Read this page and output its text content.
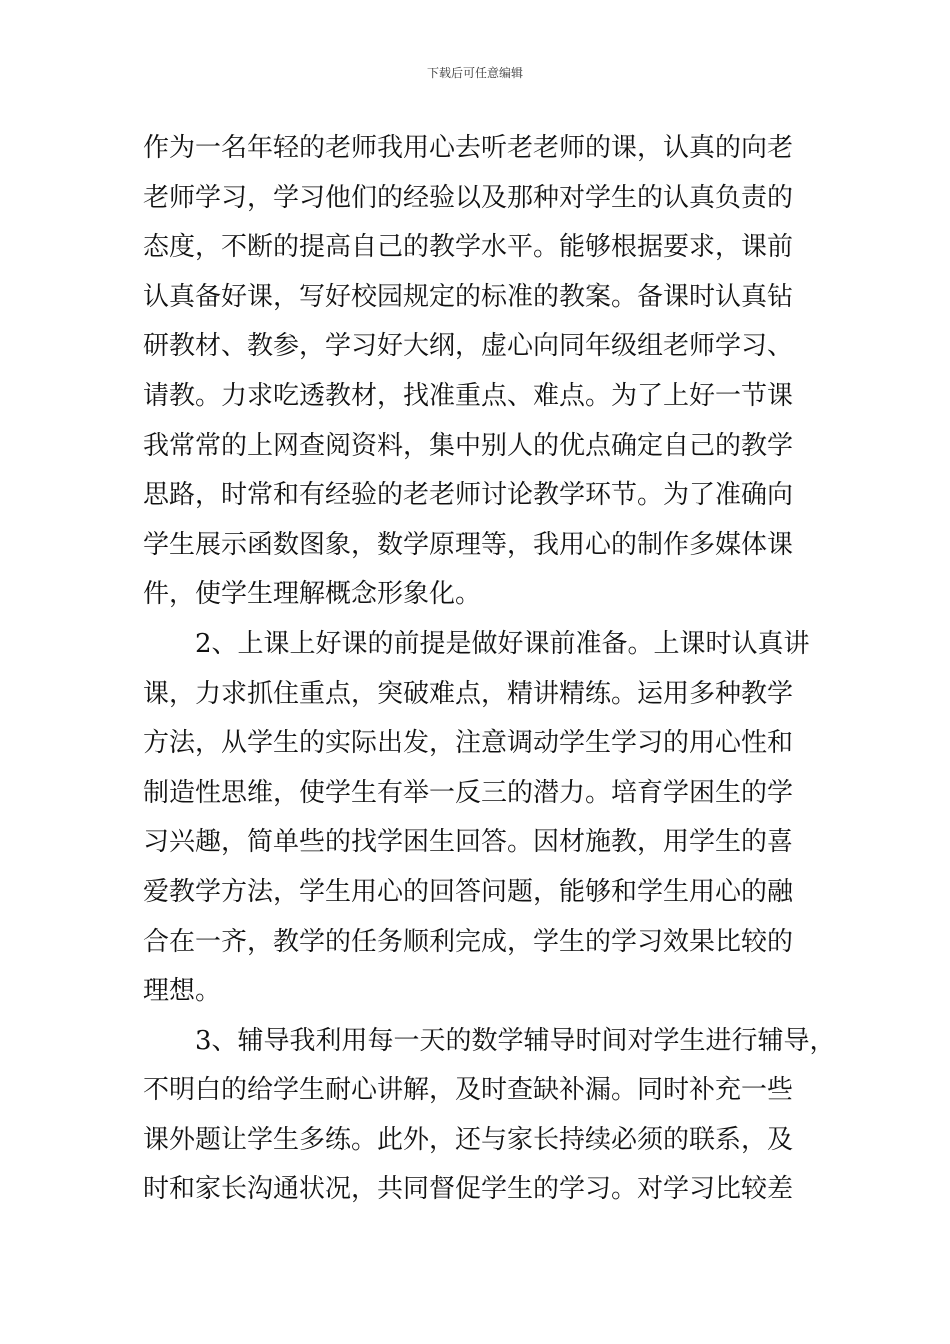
下载后可任意编辑
作为一名年轻的老师我用心去听老老师的课，认真的向老
老师学习，学习他们的经验以及那种对学生的认真负责的
态度，不断的提高自己的教学水平。能够根据要求，课前
认真备好课，写好校园规定的标准的教案。备课时认真钻
研教材、教参，学习好大纲，虚心向同年级组老师学习、
请教。力求吃透教材，找准重点、难点。为了上好一节课
我常常的上网查阅资料，集中别人的优点确定自己的教学
思路，时常和有经验的老老师讨论教学环节。为了准确向
学生展示函数图象，数学原理等，我用心的制作多媒体课
件，使学生理解概念形象化。
2、上课上好课的前提是做好课前准备。上课时认真讲
课，力求抓住重点，突破难点，精讲精练。运用多种教学
方法，从学生的实际出发，注意调动学生学习的用心性和
制造性思维，使学生有举一反三的潜力。培育学困生的学
习兴趣，简单些的找学困生回答。因材施教，用学生的喜
爱教学方法，学生用心的回答问题，能够和学生用心的融
合在一齐，教学的任务顺利完成，学生的学习效果比较的
理想。
3、辅导我利用每一天的数学辅导时间对学生进行辅导，
不明白的给学生耐心讲解，及时查缺补漏。同时补充一些
课外题让学生多练。此外，还与家长持续必须的联系，及
时和家长沟通状况，共同督促学生的学习。对学习比较差
